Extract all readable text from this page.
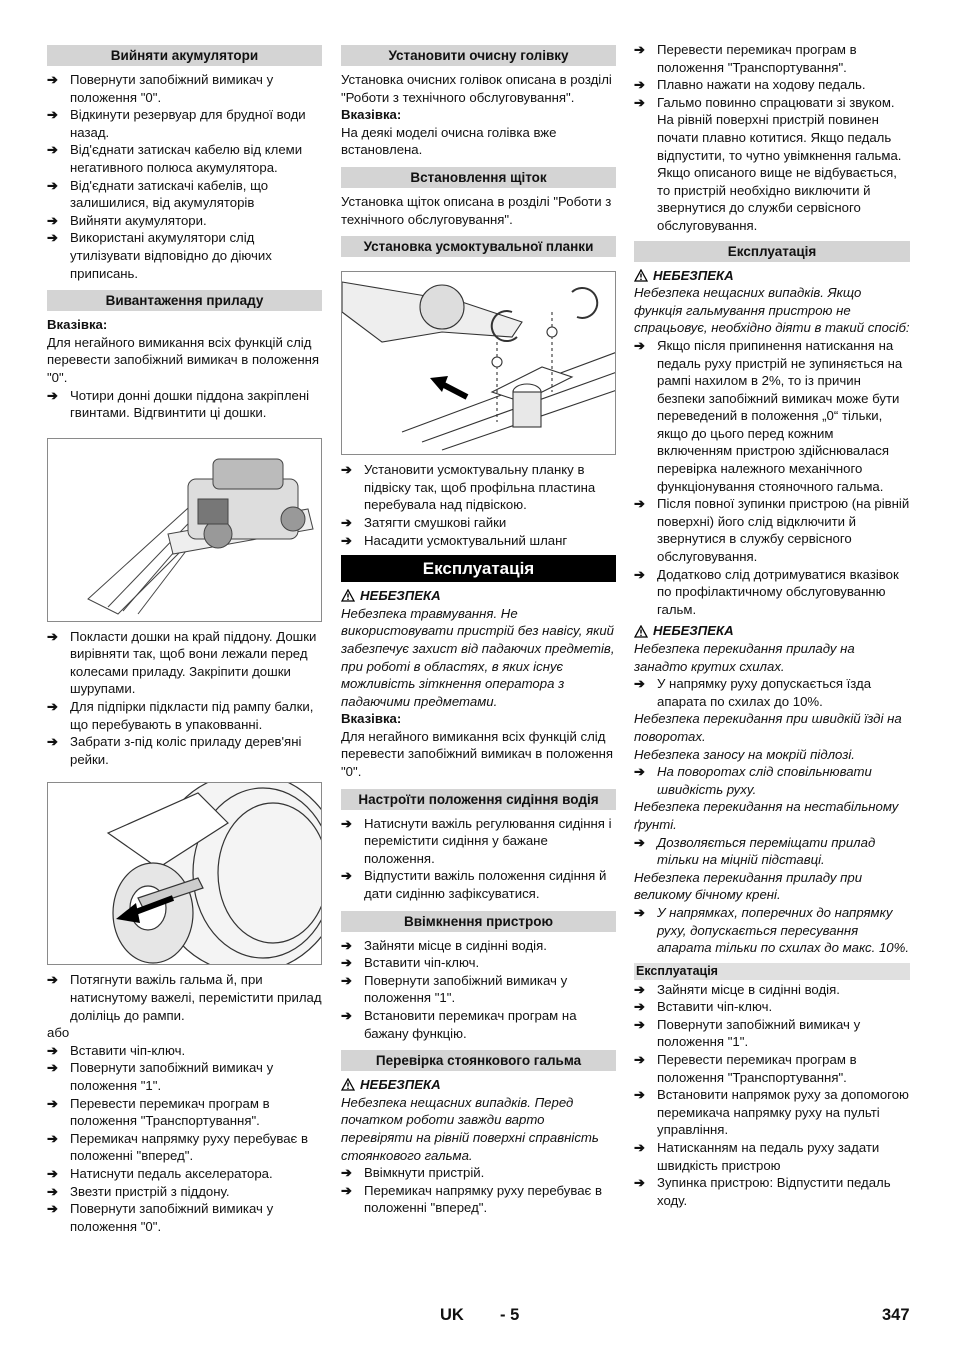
Вийняти акумулятори
➔ Повернути запобіжний вимикач у положення "0".
➔ Відкинути резервуар для брудної води назад.
➔ Від'єднати затискач кабелю від клеми негативного полюса акумулятора.
➔ Від'єднати затискачі кабелів, що залишилися, від акумуляторів
➔ Вийняти акумулятори.
➔ Використані акумулятори слід утилізувати відповідно до діючих приписань.
Вивантаження приладу
Вказівка:
Для негайного вимикання всіх функцій слід перевести запобіжний вимикач в положення "0".
➔ Чотири донні дошки піддона закріплені гвинтами. Відгвинтити ці дошки.
➔ Покласти дошки на край піддону. Дошки вирівняти так, щоб вони лежали перед колесами приладу. Закріпити дошки шурупами.
➔ Для підпірки підкласти під рампу балки, що перебувають в упаковванні.
➔ Забрати з-під коліс приладу дерев'яні рейки.
➔ Потягнути важіль гальма й, при натиснутому важелі, перемістити прилад доліліць до рампи.
або
➔ Вставити чіп-ключ.
➔ Повернути запобіжний вимикач у положення "1".
➔ Перевести перемикач програм в положення "Транспортування".
➔ Перемикач напрямку руху перебуває в положенні "вперед".
➔ Натиснути педаль акселератора.
➔ Звезти пристрій з піддону.
➔ Повернути запобіжний вимикач у положення "0".
Установити очисну голівку
Установка очисних голівок описана в розділі "Роботи з технічного обслуговування".
Вказівка:
На деякі моделі очисна голівка вже встановлена.
Встановлення щіток
Установка щіток описана в розділі "Роботи з технічного обслуговування".
Установка усмоктувальної планки
➔ Установити усмоктувальну планку в підвіску так, щоб профільна пластина перебувала над підвіскою.
➔ Затягти смушкові гайки
➔ Насадити усмоктувальний шланг
Експлуатація
НЕБЕЗПЕКА
Небезпека травмування. Не використовувати пристрій без навісу, який забезпечує захист від падаючих предметів, при роботі в областях, в яких існує можливість зіткнення оператора з падаючими предметами.
Вказівка:
Для негайного вимикання всіх функцій слід перевести запобіжний вимикач в положення "0".
Настроїти положення сидіння водія
➔ Натиснути важіль регулювання сидіння і перемістити сидіння у бажане положення.
➔ Відпустити важіль положення сидіння й дати сидінню зафіксуватися.
Ввімкнення пристрою
➔ Зайняти місце в сидінні водія.
➔ Вставити чіп-ключ.
➔ Повернути запобіжний вимикач у положення "1".
➔ Встановити перемикач програм на бажану функцію.
Перевірка стоянкового гальма
НЕБЕЗПЕКА
Небезпека нещасних випадків. Перед початком роботи завжди варто перевіряти на рівній поверхні справність стоянкового гальма.
➔ Ввімкнути пристрій.
➔ Перемикач напрямку руху перебуває в положенні "вперед".
➔ Перевести перемикач програм в положення "Транспортування".
➔ Плавно нажати на ходову педаль.
➔ Гальмо повинно спрацювати зі звуком. На рівній поверхні пристрій повинен почати плавно котитися. Якщо педаль відпустити, то чутно увімкнення гальма. Якщо описаного вище не відбувається, то пристрій необхідно виключити й звернутися до служби сервісного обслуговування.
Експлуатація
НЕБЕЗПЕКА
Небезпека нещасних випадків. Якщо функція гальмування пристрою не спрацьовує, необхідно діяти в такий спосіб:
➔ Якщо після припинення натискання на педаль руху пристрій не зупиняється на рампі нахилом в 2%, то із причин безпеки запобіжний вимикач може бути переведений в положення „0“ тільки, якщо до цього перед кожним включенням пристрою здійснювалася перевірка належного механічного функціонування стояночного гальма.
➔ Після повної зупинки пристрою (на рівній поверхні) його слід відключити й звернутися в службу сервісного обслуговування.
➔ Додатково слід дотримуватися вказівок по профілактичному обслуговуванню гальм.
НЕБЕЗПЕКА
Небезпека перекидання приладу на занадто крутих схилах.
➔ У напрямку руху допускається їзда апарата по схилах до 10%.
Небезпека перекидання при швидкій їзді на поворотах.
Небезпека заносу на мокрій підлозі.
➔ На поворотах слід сповільнювати швидкість руху.
Небезпека перекидання на нестабільному ґрунті.
➔ Дозволяється переміщати прилад тільки на міцній підставці.
Небезпека перекидання приладу при великому бічному крені.
➔ У напрямках, поперечних до напрямку руху, допускається пересування апарата тільки по схилах до макс. 10%.
Експлуатація
➔ Зайняти місце в сидінні водія.
➔ Вставити чіп-ключ.
➔ Повернути запобіжний вимикач у положення "1".
➔ Перевести перемикач програм в положення "Транспортування".
➔ Встановити напрямок руху за допомогою перемикача напрямку руху на пульті управління.
➔ Натисканням на педаль руху задати швидкість пристрою
➔ Зупинка пристрою: Відпустити педаль ходу.
UK - 5	347
